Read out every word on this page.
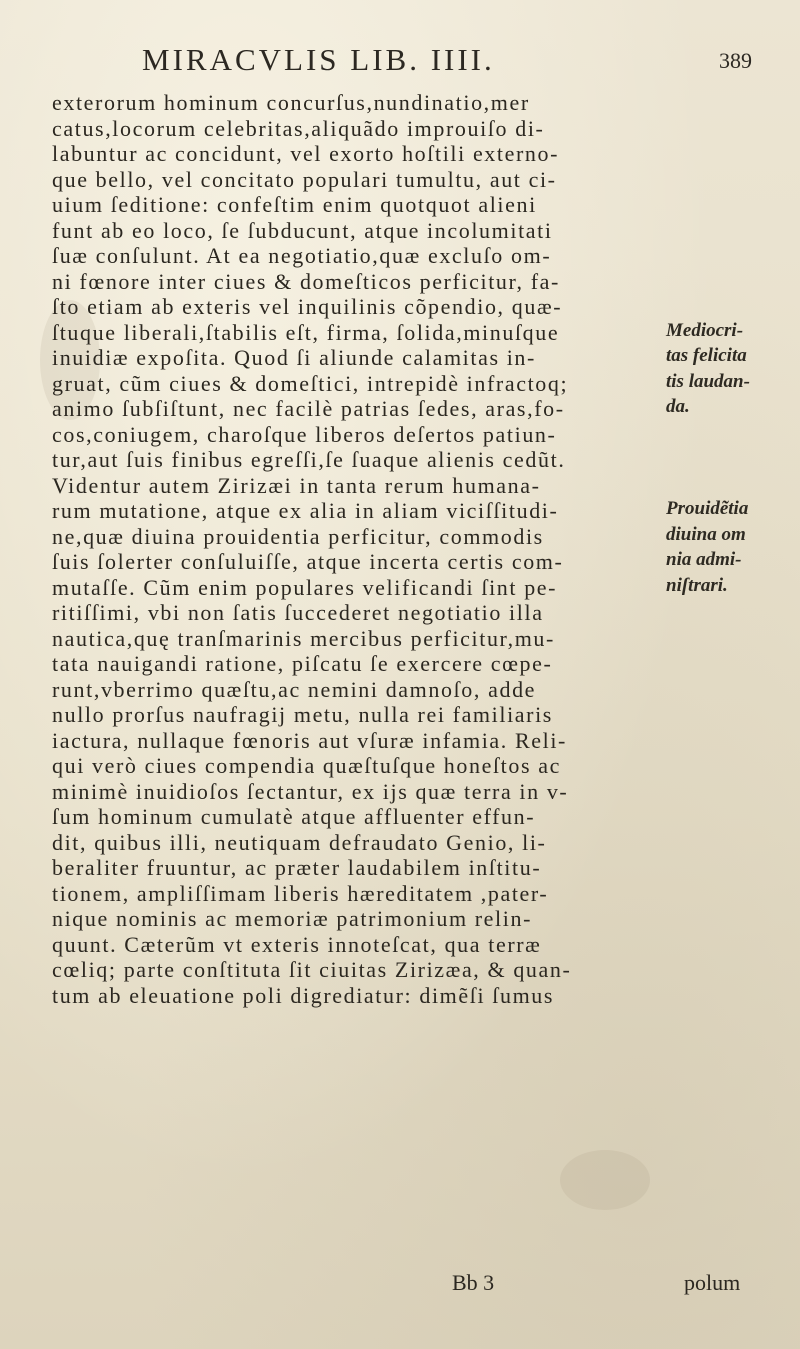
MIRACVLIS LIB. IIII.	389
exterorum hominum concurſus,nundinatio,mer
catus,locorum celebritas,aliquãdo improuiſo di-
labuntur ac concidunt, vel exorto hoſtili externo-
que bello, vel concitato populari tumultu, aut ci-
uium ſeditione: confeſtim enim quotquot alieni
funt ab eo loco, ſe ſubducunt, atque incolumitati
ſuæ conſulunt. At ea negotiatio,quæ excluſo om-
ni fœnore inter ciues & domeſticos perficitur, fa-
ſto etiam ab exteris vel inquilinis cõpendio, quæ-
ſtuque liberali,ſtabilis eſt, firma, ſolida,minuſque
inuidiæ expoſita. Quod ſi aliunde calamitas in-
gruat, cũm ciues & domeſtici, intrepidè infractoq;
animo ſubſiſtunt, nec facilè patrias ſedes, aras,fo-
cos,coniugem, charoſque liberos deſertos patiun-
tur,aut ſuis finibus egreſſi,ſe ſuaque alienis cedũt.
Videntur autem Zirizæi in tanta rerum humana-
rum mutatione, atque ex alia in aliam viciſſitudi-
ne,quæ diuina prouidentia perficitur, commodis
ſuis ſolerter conſuluiſſe, atque incerta certis com-
mutaſſe. Cũm enim populares velificandi ſint pe-
ritiſſimi, vbi non ſatis ſuccederet negotiatio illa
nautica,quę tranſmarinis mercibus perficitur,mu-
tata nauigandi ratione, piſcatu ſe exercere cœpe-
runt,vberrimo quæſtu,ac nemini damnoſo, adde
nullo prorſus naufragij metu, nulla rei familiaris
iactura, nullaque fœnoris aut vſuræ infamia. Reli-
qui verò ciues compendia quæſtuſque honeſtos ac
minimè inuidioſos ſectantur, ex ijs quæ terra in v-
ſum hominum cumulatè atque affluenter effun-
dit, quibus illi, neutiquam defraudato Genio, li-
beraliter fruuntur, ac præter laudabilem inſtitu-
tionem, ampliſſimam liberis hæreditatem ,pater-
nique nominis ac memoriæ patrimonium relin-
quunt. Cæterũm vt exteris innoteſcat, qua terræ
cœliq; parte conſtituta ſit ciuitas Zirizæa, & quan-
tum ab eleuatione poli digrediatur: dimẽſi ſumus
Mediocri-
tas felicita
tis laudan-
da.
Prouidẽtia
diuina om
nia admi-
niſtrari.
Bb 3	polum
